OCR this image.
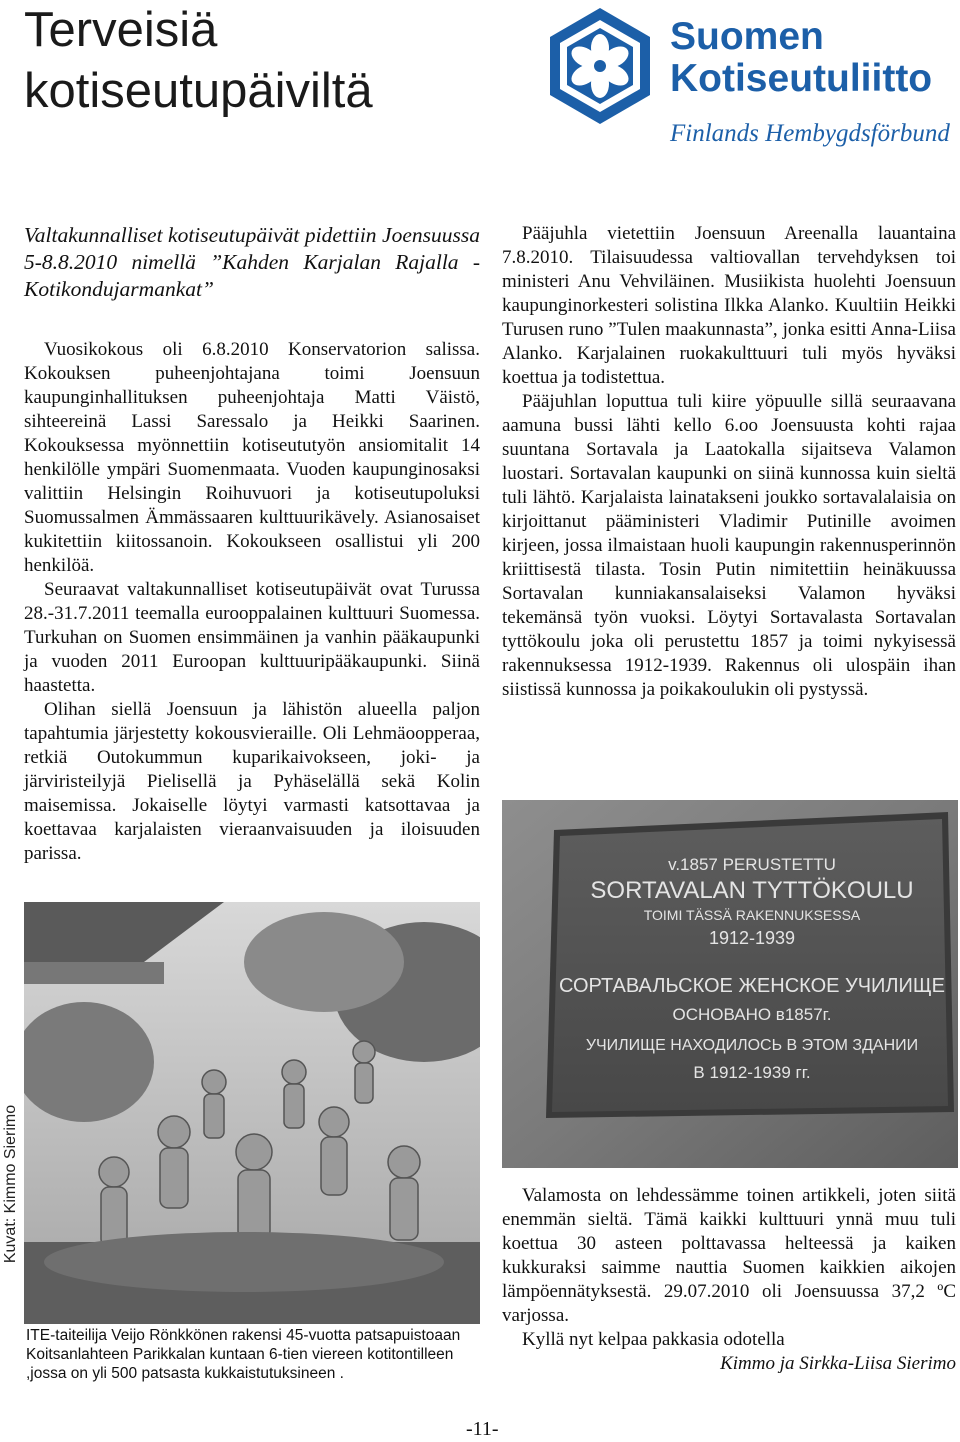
Terveisiä kotiseutupäiviltä
Suomen
Kotiseutuliitto
Finlands Hembygdsförbund

Valtakunnalliset kotiseutupäivät pidettiin Joensuussa 5-8.8.2010 nimellä ”Kahden Karjalan Rajalla - Kotikondujarmankat”

Vuosikokous oli 6.8.2010 Konservatorion salissa. Kokouksen puheenjohtajana toimi Joensuun kaupunginhallituksen puheenjohtaja Matti Väistö, sihteereinä Lassi Saressalo ja Heikki Saarinen. Kokouksessa myönnettiin kotiseututyön ansiomitalit 14 henkilölle ympäri Suomenmaata. Vuoden kaupunginosaksi valittiin Helsingin Roihuvuori ja kotiseutupoluksi Suomussalmen Ämmässaaren kulttuurikävely. Asianosaiset kukitettiin kiitossanoin. Kokoukseen osallistui yli 200 henkilöä.

Seuraavat valtakunnalliset kotiseutupäivät ovat Turussa 28.-31.7.2011 teemalla eurooppalainen kulttuuri Suomessa. Turkuhan on Suomen ensimmäinen ja vanhin pääkaupunki ja vuoden 2011 Euroopan kulttuuripääkaupunki. Siinä haastetta.

Olihan siellä Joensuun ja lähistön alueella paljon tapahtumia järjestetty kokousvieraille. Oli Lehmäoopperaa, retkiä Outokummun kuparikaivokseen, joki- ja järviristeilyjä Pielisellä ja Pyhäselällä sekä Kolin maisemissa. Jokaiselle löytyi varmasti katsottavaa ja koettavaa karjalaisten vieraanvaisuuden ja iloisuuden parissa.

Pääjuhla vietettiin Joensuun Areenalla lauantaina 7.8.2010. Tilaisuudessa valtiovallan tervehdyksen toi ministeri Anu Vehviläinen. Musiikista huolehti Joensuun kaupunginorkesteri solistina Ilkka Alanko. Kuultiin Heikki Turusen runo ”Tulen maakunnasta”, jonka esitti Anna-Liisa Alanko. Karjalainen ruokakulttuuri tuli myös hyväksi koettua ja todistettua.

Pääjuhlan loputtua tuli kiire yöpuulle sillä seuraavana aamuna bussi lähti kello 6.oo Joensuusta kohti rajaa suuntana Sortavala ja Laatokalla sijaitseva Valamon luostari. Sortavalan kaupunki on siinä kunnossa kuin sieltä tuli lähtö. Karjalaista lainatakseni joukko sortavalalaisia on kirjoittanut pääministeri Vladimir Putinille avoimen kirjeen, jossa ilmaistaan huoli kaupungin rakennusperinnön kriittisestä tilasta. Tosin Putin nimitettiin heinäkuussa Sortavalan kunniakansalaiseksi Valamon hyväksi tekemänsä työn vuoksi. Löytyi Sortavalasta Sortavalan tyttökoulu joka oli perustettu 1857 ja toimi nykyisessä rakennuksessa 1912-1939. Rakennus oli ulospäin ihan siistissä kunnossa ja poikakoulukin oli pystyssä.

v.1857 PERUSTETTU
SORTAVALAN TYTTÖKOULU
TOIMI TÄSSÄ RAKENNUKSESSA
1912-1939
СОРТАВАЛЬСКОЕ ЖЕНСКОЕ УЧИЛИЩЕ
ОСНОВАНО в1857г.
УЧИЛИЩЕ НАХОДИЛОСЬ В ЭТОМ ЗДАНИИ
В 1912-1939 гг.

Valamosta on lehdessämme toinen artikkeli, joten siitä enemmän sieltä. Tämä kaikki kulttuuri ynnä muu tuli koettua 30 asteen polttavassa helteessä ja kaiken kukkuraksi saimme nauttia Suomen kaikkien aikojen lämpöennätyksestä. 29.07.2010 oli Joensuussa 37,2 ºC varjossa.

Kyllä nyt kelpaa pakkasia odotella

Kimmo ja Sirkka-Liisa Sierimo

Kuvat: Kimmo Sierimo

ITE-taiteilija Veijo Rönkkönen rakensi 45-vuotta patsapuistoaan Koitsanlahteen Parikkalan kuntaan 6-tien viereen kotitontilleen ,jossa on yli 500 patsasta kukkaistutuksineen .

-11-
